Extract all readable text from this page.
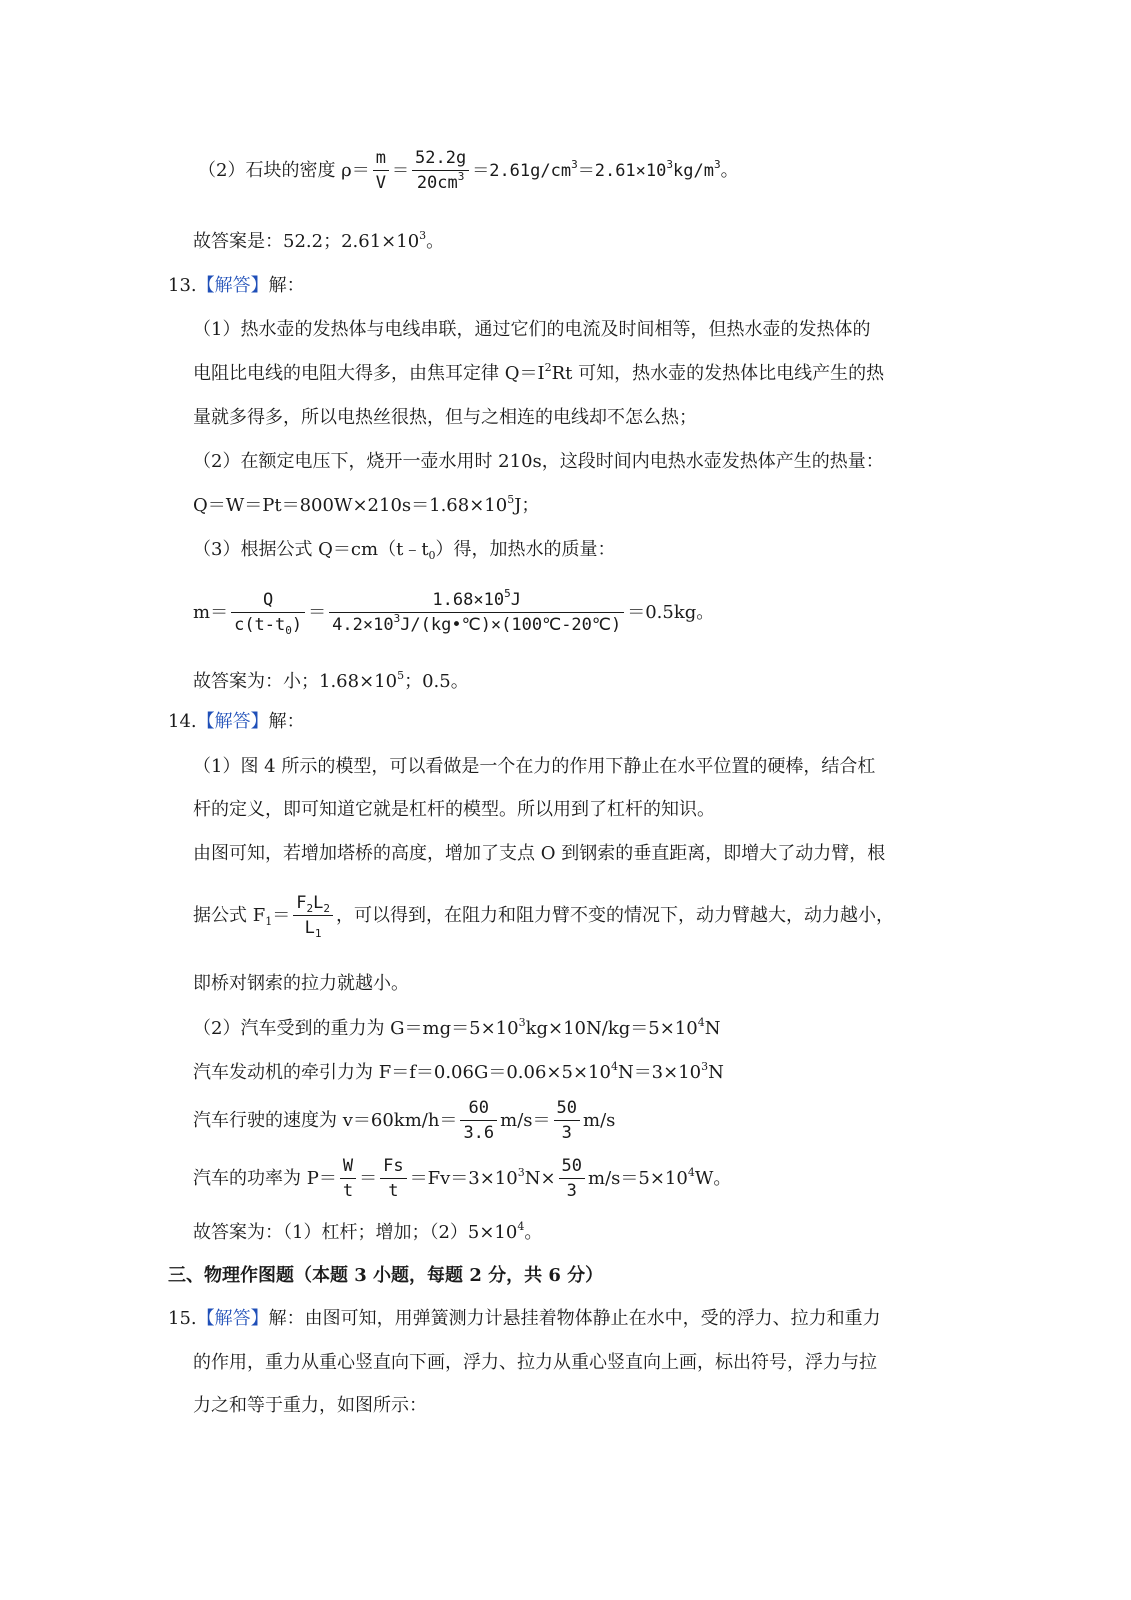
（2）石块的密度 $\rho= \frac{m}{V} = \frac{52.2g}{20cm^3} =2.61g/cm^3=2.61\times 10^3kg/m^3$。
故答案是：52.2；$2.61\times 10^3$。
13.【解答】解：
（1）热水壶的发热体与电线串联，通过它们的电流及时间相等，但热水壶的发热体的
电阻比电线的电阻大得多，由焦耳定律 $Q=I^2Rt$ 可知，热水壶的发热体比电线产生的热
量就多得多，所以电热丝很热，但与之相连的电线却不怎么热；
（2）在额定电压下，烧开一壶水用时 210s，这段时间内电热水壶发热体产生的热量：
$Q=W=Pt=800W\times 210s=1.68\times 10^5J$；
（3）根据公式 $Q=cm(t﹣t_0)$得，加热水的质量：
$m= \frac{Q}{c(t-t_0)} = \frac{1.68\times 10^5J}{4.2\times 10^3J/(kg•℃)\times(100℃-20℃)} =0.5kg$。
故答案为：小；$1.68\times 10^5$；0.5。
14.【解答】解：
（1）图 4 所示的模型，可以看做是一个在力的作用下静止在水平位置的硬棒，结合杠
杆的定义，即可知道它就是杠杆的模型。所以用到了杠杆的知识。
由图可知，若增加塔桥的高度，增加了支点 O 到钢索的垂直距离，即增大了动力臂，根
据公式 $F_1= \frac{F_2L_2}{L_1}$ ，可以得到，在阻力和阻力臂不变的情况下，动力臂越大，动力越小，
即桥对钢索的拉力就越小。
（2）汽车受到的重力为 $G=mg=5\times 10^3kg\times 10N/kg=5\times 10^4N$
汽车发动机的牵引力为 $F=f=0.06G=0.06\times 5\times 10^4N=3\times 10^3N$
汽车行驶的速度为 $v=60km/h= \frac{60}{3.6} m/s= \frac{50}{3} m/s$
汽车的功率为 $P= \frac{W}{t} = \frac{Fs}{t} =Fv=3\times 10^3N\times \frac{50}{3} m/s=5\times 10^4W$。
故答案为：（1）杠杆；增加；$(2)5\times 10^4$。
三、物理作图题（本题 3 小题，每题 2 分，共 6 分）
15.【解答】解：由图可知，用弹簧测力计悬挂着物体静止在水中，受的浮力、拉力和重力
的作用，重力从重心竖直向下画，浮力、拉力从重心竖直向上画，标出符号，浮力与拉
力之和等于重力，如图所示：
